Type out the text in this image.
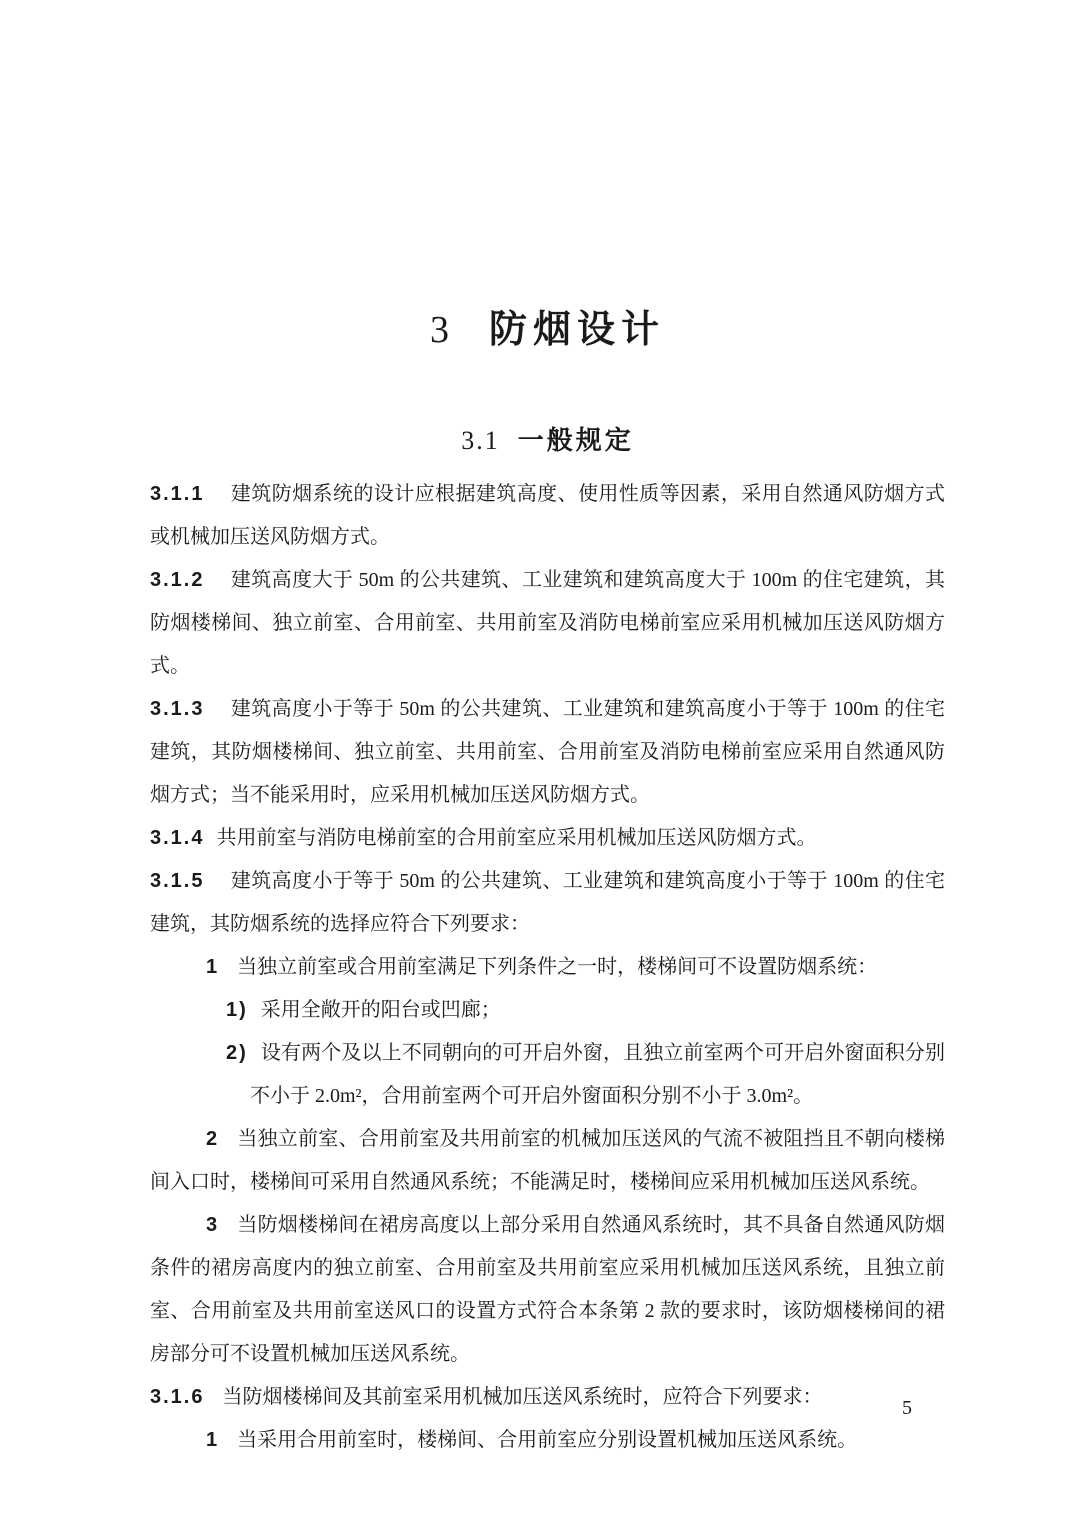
3 防烟设计
3.1 一般规定

3.1.1 建筑防烟系统的设计应根据建筑高度、使用性质等因素，采用自然通风防烟方式或机械加压送风防烟方式。

3.1.2 建筑高度大于 50m 的公共建筑、工业建筑和建筑高度大于 100m 的住宅建筑，其防烟楼梯间、独立前室、合用前室、共用前室及消防电梯前室应采用机械加压送风防烟方式。

3.1.3 建筑高度小于等于 50m 的公共建筑、工业建筑和建筑高度小于等于 100m 的住宅建筑，其防烟楼梯间、独立前室、共用前室、合用前室及消防电梯前室应采用自然通风防烟方式；当不能采用时，应采用机械加压送风防烟方式。

3.1.4 共用前室与消防电梯前室的合用前室应采用机械加压送风防烟方式。

3.1.5 建筑高度小于等于 50m 的公共建筑、工业建筑和建筑高度小于等于 100m 的住宅建筑，其防烟系统的选择应符合下列要求：

1 当独立前室或合用前室满足下列条件之一时，楼梯间可不设置防烟系统：

1) 采用全敞开的阳台或凹廊；

2) 设有两个及以上不同朝向的可开启外窗，且独立前室两个可开启外窗面积分别不小于 2.0m²，合用前室两个可开启外窗面积分别不小于 3.0m²。

2 当独立前室、合用前室及共用前室的机械加压送风的气流不被阻挡且不朝向楼梯间入口时，楼梯间可采用自然通风系统；不能满足时，楼梯间应采用机械加压送风系统。

3 当防烟楼梯间在裙房高度以上部分采用自然通风系统时，其不具备自然通风防烟条件的裙房高度内的独立前室、合用前室及共用前室应采用机械加压送风系统，且独立前室、合用前室及共用前室送风口的设置方式符合本条第 2 款的要求时，该防烟楼梯间的裙房部分可不设置机械加压送风系统。

3.1.6 当防烟楼梯间及其前室采用机械加压送风系统时，应符合下列要求：

1 当采用合用前室时，楼梯间、合用前室应分别设置机械加压送风系统。

5
